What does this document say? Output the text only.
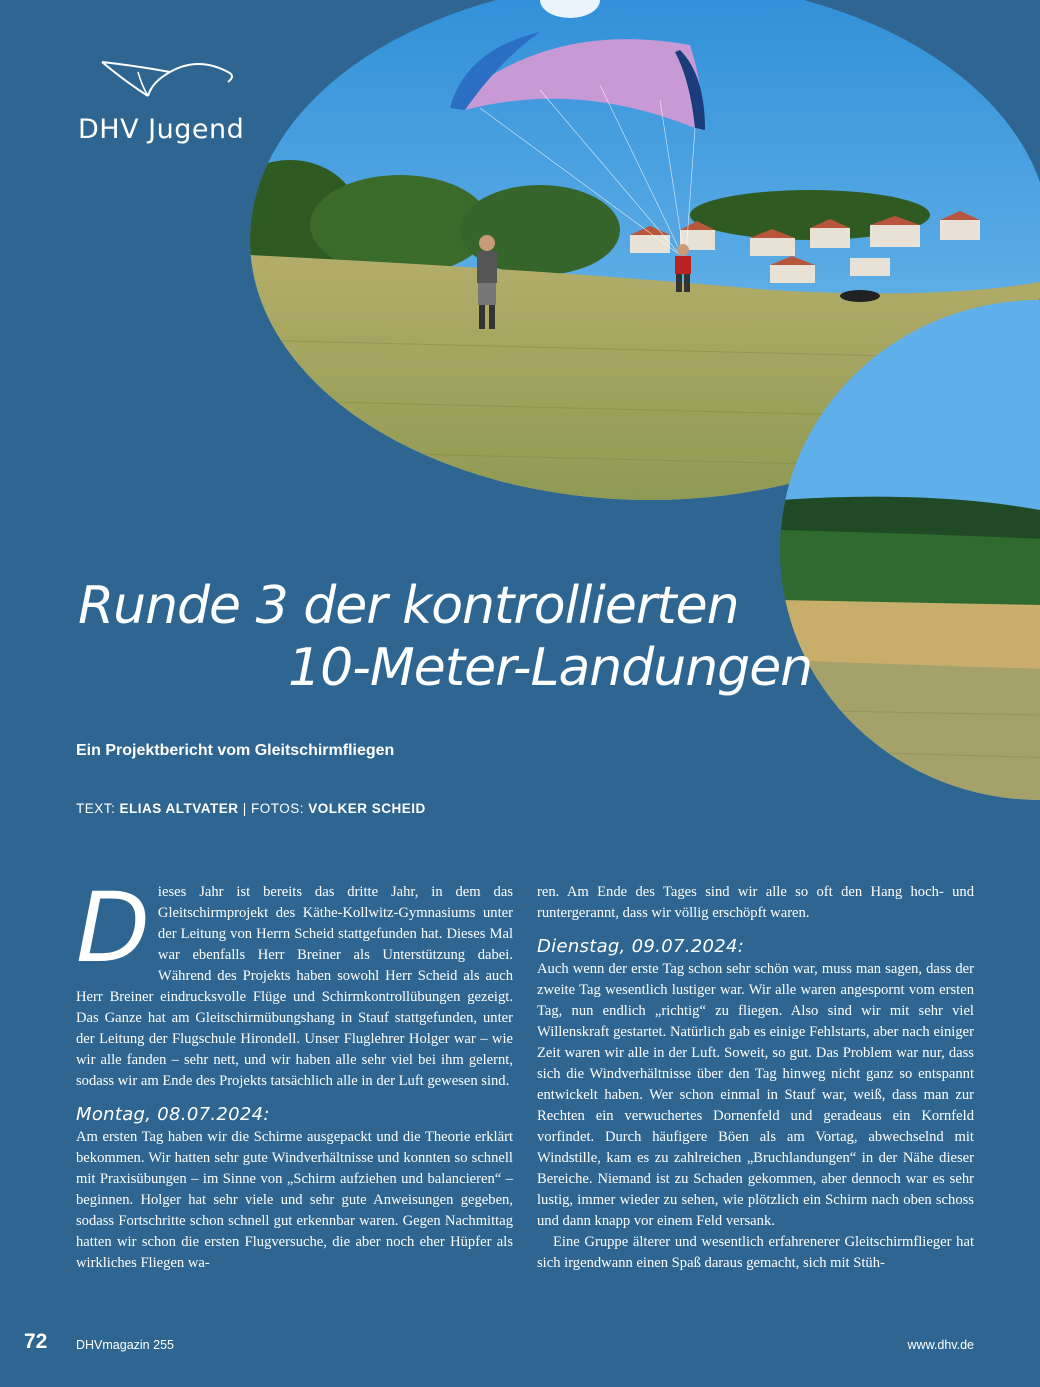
DHV Jugend
Runde 3 der kontrollierten
10-Meter-Landungen
Ein Projektbericht vom Gleitschirmfliegen
TEXT: ELIAS ALTVATER | FOTOS: VOLKER SCHEID

Dieses Jahr ist bereits das dritte Jahr, in dem das Gleitschirmprojekt des Käthe-Kollwitz-Gymnasiums unter der Leitung von Herrn Scheid stattgefunden hat. Dieses Mal war ebenfalls Herr Breiner als Unterstützung dabei. Während des Projekts haben sowohl Herr Scheid als auch Herr Breiner eindrucksvolle Flüge und Schirmkontrollübungen gezeigt. Das Ganze hat am Gleitschirmübungshang in Stauf stattgefunden, unter der Leitung der Flugschule Hirondell. Unser Fluglehrer Holger war – wie wir alle fanden – sehr nett, und wir haben alle sehr viel bei ihm gelernt, sodass wir am Ende des Projekts tatsächlich alle in der Luft gewesen sind.

Montag, 08.07.2024:

Am ersten Tag haben wir die Schirme ausgepackt und die Theorie erklärt bekommen. Wir hatten sehr gute Windverhältnisse und konnten so schnell mit Praxisübungen – im Sinne von „Schirm aufziehen und balancieren“ – beginnen. Holger hat sehr viele und sehr gute Anweisungen gegeben, sodass Fortschritte schon schnell gut erkennbar waren. Gegen Nachmittag hatten wir schon die ersten Flugversuche, die aber noch eher Hüpfer als wirkliches Fliegen wa-

ren. Am Ende des Tages sind wir alle so oft den Hang hoch- und runtergerannt, dass wir völlig erschöpft waren.

Dienstag, 09.07.2024:

Auch wenn der erste Tag schon sehr schön war, muss man sagen, dass der zweite Tag wesentlich lustiger war. Wir alle waren angespornt vom ersten Tag, nun endlich „richtig“ zu fliegen. Also sind wir mit sehr viel Willenskraft gestartet. Natürlich gab es einige Fehlstarts, aber nach einiger Zeit waren wir alle in der Luft. Soweit, so gut. Das Problem war nur, dass sich die Windverhältnisse über den Tag hinweg nicht ganz so entspannt entwickelt haben. Wer schon einmal in Stauf war, weiß, dass man zur Rechten ein verwuchertes Dornenfeld und geradeaus ein Kornfeld vorfindet. Durch häufigere Böen als am Vortag, abwechselnd mit Windstille, kam es zu zahlreichen „Bruchlandungen“ in der Nähe dieser Bereiche. Niemand ist zu Schaden gekommen, aber dennoch war es sehr lustig, immer wieder zu sehen, wie plötzlich ein Schirm nach oben schoss und dann knapp vor einem Feld versank.

Eine Gruppe älterer und wesentlich erfahrenerer Gleitschirmflieger hat sich irgendwann einen Spaß daraus gemacht, sich mit Stüh-

72 DHVmagazin 255	www.dhv.de
